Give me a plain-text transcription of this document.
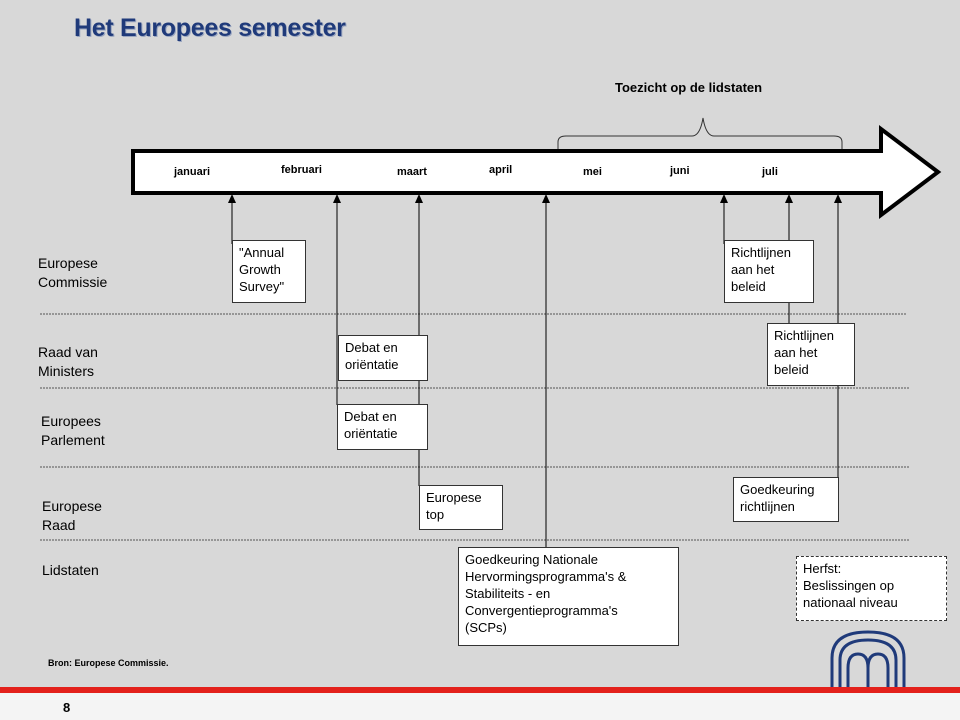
Het Europees semester
Toezicht op de lidstaten
januari	februari	maart	april	mei	juni	juli
Europese
Commissie
Raad van
Ministers
Europees
Parlement
Europese
Raad
Lidstaten
"Annual
Growth
Survey"
Richtlijnen
aan het
beleid
Debat en
oriëntatie
Richtlijnen
aan het
beleid
Debat en
oriëntatie
Europese
top
Goedkeuring
richtlijnen
Goedkeuring Nationale
Hervormingsprogramma's &
Stabiliteits - en
Convergentieprogramma's
(SCPs)
Herfst:
Beslissingen op
nationaal niveau
Bron: Europese Commissie.
8
